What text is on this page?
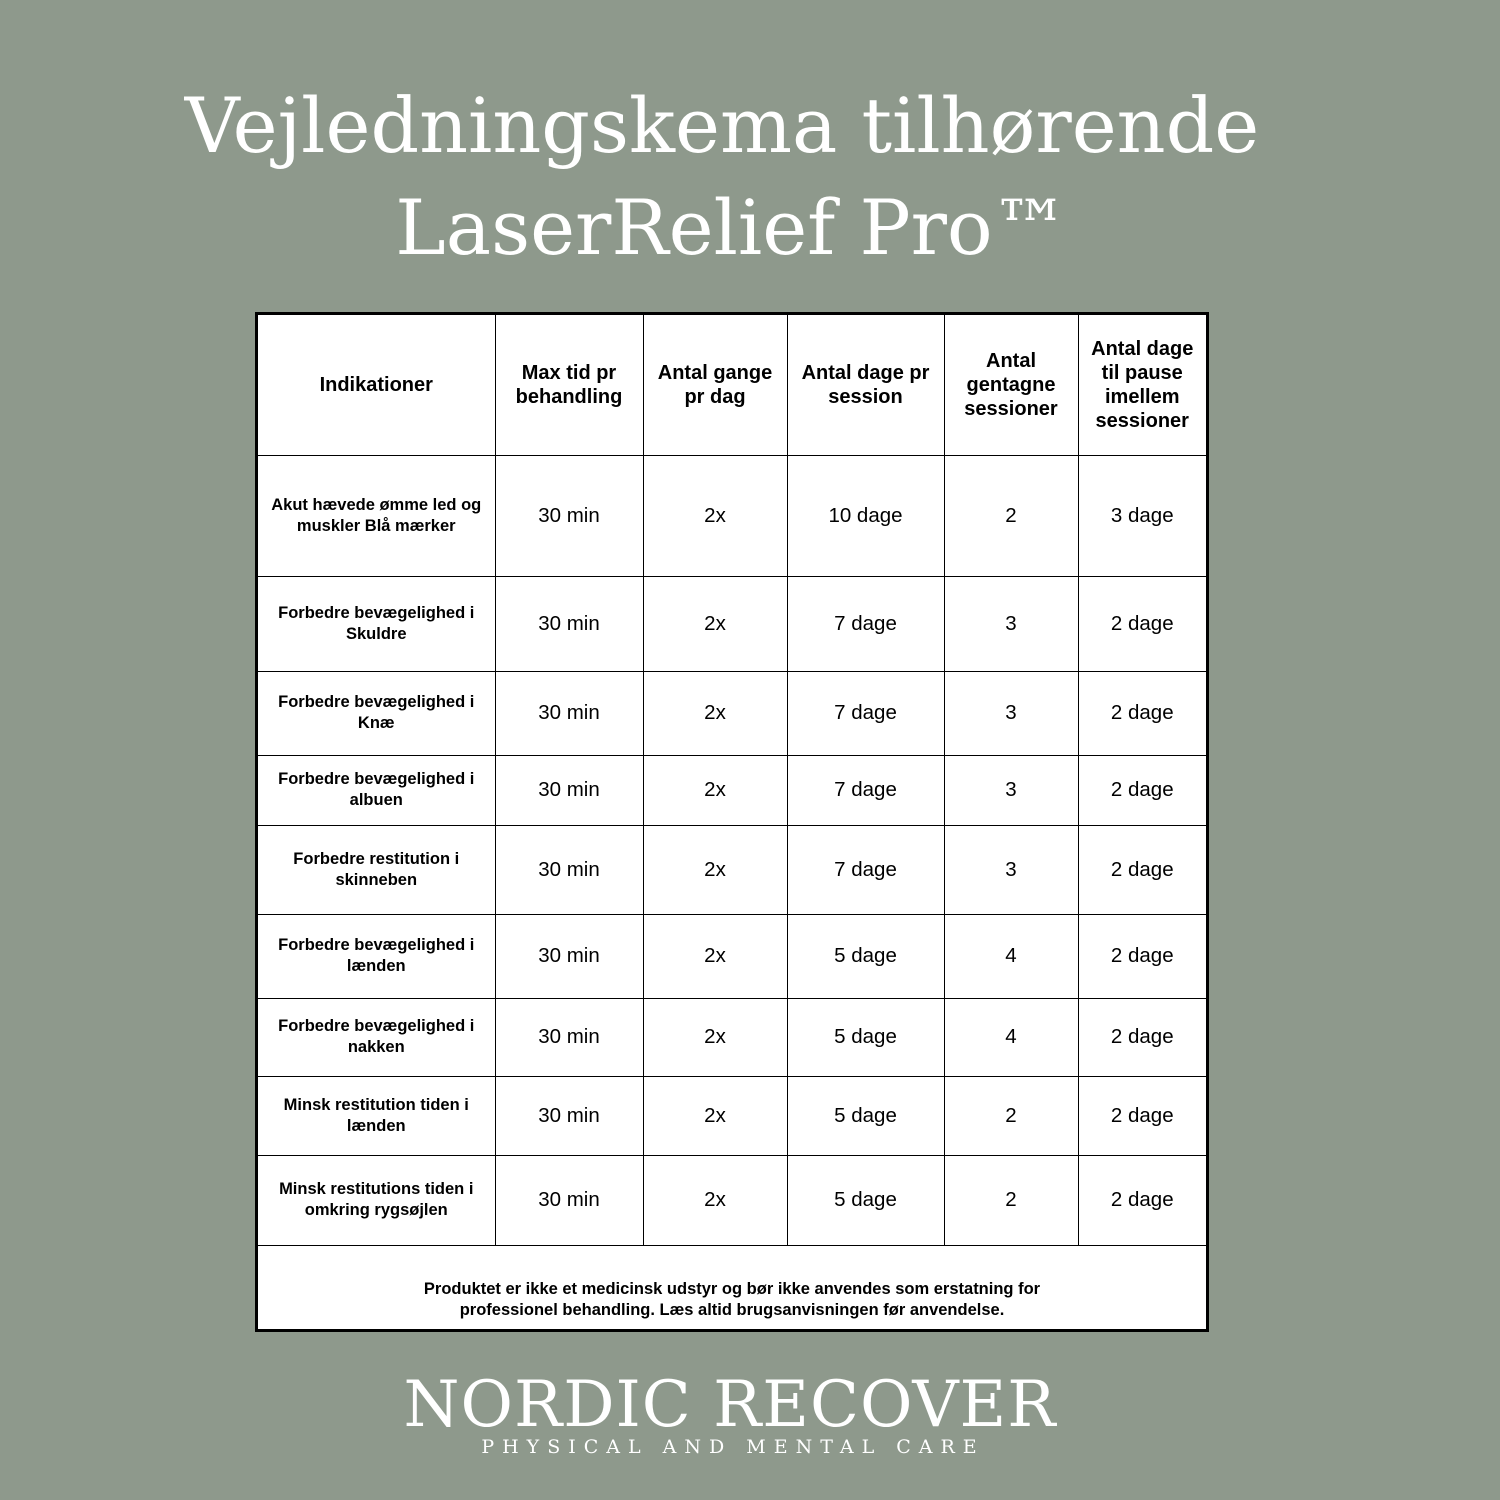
Vejledningskema tilhørende
LaserRelief Pro™
Indikationer	Max tid pr behandling	Antal gange pr dag	Antal dage pr session	Antal gentagne sessioner	Antal dage til pause imellem sessioner
Akut hævede ømme led og muskler Blå mærker	30 min	2x	10 dage	2	3 dage
Forbedre bevægelighed i Skuldre	30 min	2x	7 dage	3	2 dage
Forbedre bevægelighed i Knæ	30 min	2x	7 dage	3	2 dage
Forbedre bevægelighed i albuen	30 min	2x	7 dage	3	2 dage
Forbedre restitution i skinneben	30 min	2x	7 dage	3	2 dage
Forbedre bevægelighed i lænden	30 min	2x	5 dage	4	2 dage
Forbedre bevægelighed i nakken	30 min	2x	5 dage	4	2 dage
Minsk restitution tiden i lænden	30 min	2x	5 dage	2	2 dage
Minsk restitutions tiden i omkring rygsøjlen	30 min	2x	5 dage	2	2 dage
Produktet er ikke et medicinsk udstyr og bør ikke anvendes som erstatning for
professionel behandling. Læs altid brugsanvisningen før anvendelse.
NORDIC RECOVER
PHYSICAL AND MENTAL CARE
